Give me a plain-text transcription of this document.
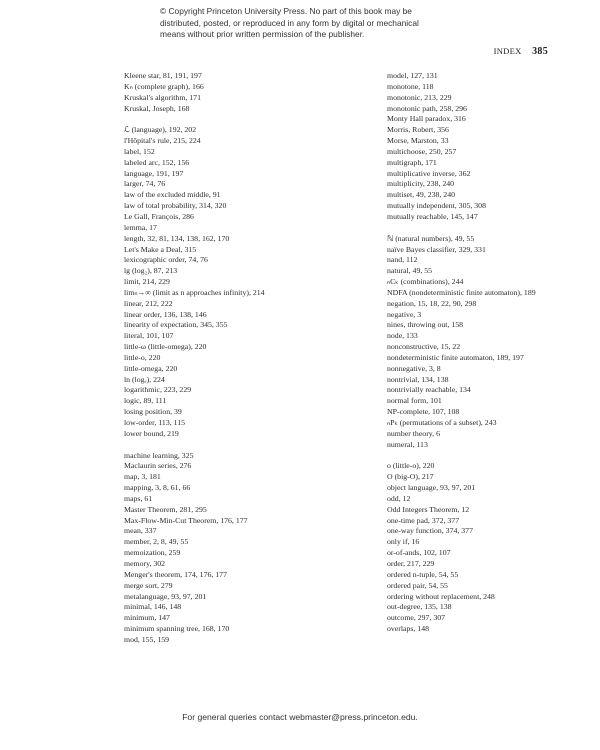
© Copyright Princeton University Press. No part of this book may be
distributed, posted, or reproduced in any form by digital or mechanical
means without prior written permission of the publisher.
INDEX 385
Kleene star, 81, 191, 197
Kₙ (complete graph), 166
Kruskal's algorithm, 171
Kruskal, Joseph, 168
ℒ (language), 192, 202
l'Hôpital's rule, 215, 224
label, 152
labeled arc, 152, 156
language, 191, 197
larger, 74, 76
law of the excluded middle, 91
law of total probability, 314, 320
Le Gall, François, 286
lemma, 17
length, 32, 81, 134, 138, 162, 170
Let's Make a Deal, 315
lexicographic order, 74, 76
lg (log₂), 87, 213
limit, 214, 229
limₙ→∞ (limit as n approaches infinity), 214
linear, 212, 222
linear order, 136, 138, 146
linearity of expectation, 345, 355
literal, 101, 107
little-ω (little-omega), 220
little-o, 220
little-omega, 220
ln (logₑ), 224
logarithmic, 223, 229
logic, 89, 111
losing position, 39
low-order, 113, 115
lower bound, 219
machine learning, 325
Maclaurin series, 276
map, 3, 181
mapping, 3, 8, 61, 66
maps, 61
Master Theorem, 281, 295
Max-Flow-Min-Cut Theorem, 176, 177
mean, 337
member, 2, 8, 49, 55
memoization, 259
memory, 302
Menger's theorem, 174, 176, 177
merge sort, 279
metalanguage, 93, 97, 201
minimal, 146, 148
minimum, 147
minimum spanning tree, 168, 170
mod, 155, 159
model, 127, 131
monotone, 118
monotonic, 213, 229
monotonic path, 258, 296
Monty Hall paradox, 316
Morris, Robert, 356
Morse, Marston, 33
multichoose, 250, 257
multigraph, 171
multiplicative inverse, 362
multiplicity, 238, 240
multiset, 49, 238, 240
mutually independent, 305, 308
mutually reachable, 145, 147
ℕ (natural numbers), 49, 55
naïve Bayes classifier, 329, 331
nand, 112
natural, 49, 55
ₙCₖ (combinations), 244
NDFA (nondeterministic finite automaton), 189
negation, 15, 18, 22, 90, 298
negative, 3
nines, throwing out, 158
node, 133
nonconstructive, 15, 22
nondeterministic finite automaton, 189, 197
nonnegative, 3, 8
nontrivial, 134, 138
nontrivially reachable, 134
normal form, 101
NP-complete, 107, 108
ₙPₖ (permutations of a subset), 243
number theory, 6
numeral, 113
o (little-o), 220
O (big-O), 217
object language, 93, 97, 201
odd, 12
Odd Integers Theorem, 12
one-time pad, 372, 377
one-way function, 374, 377
only if, 16
or-of-ands, 102, 107
order, 217, 229
ordered n-tuple, 54, 55
ordered pair, 54, 55
ordering without replacement, 248
out-degree, 135, 138
outcome, 297, 307
overlaps, 148
For general queries contact webmaster@press.princeton.edu.
